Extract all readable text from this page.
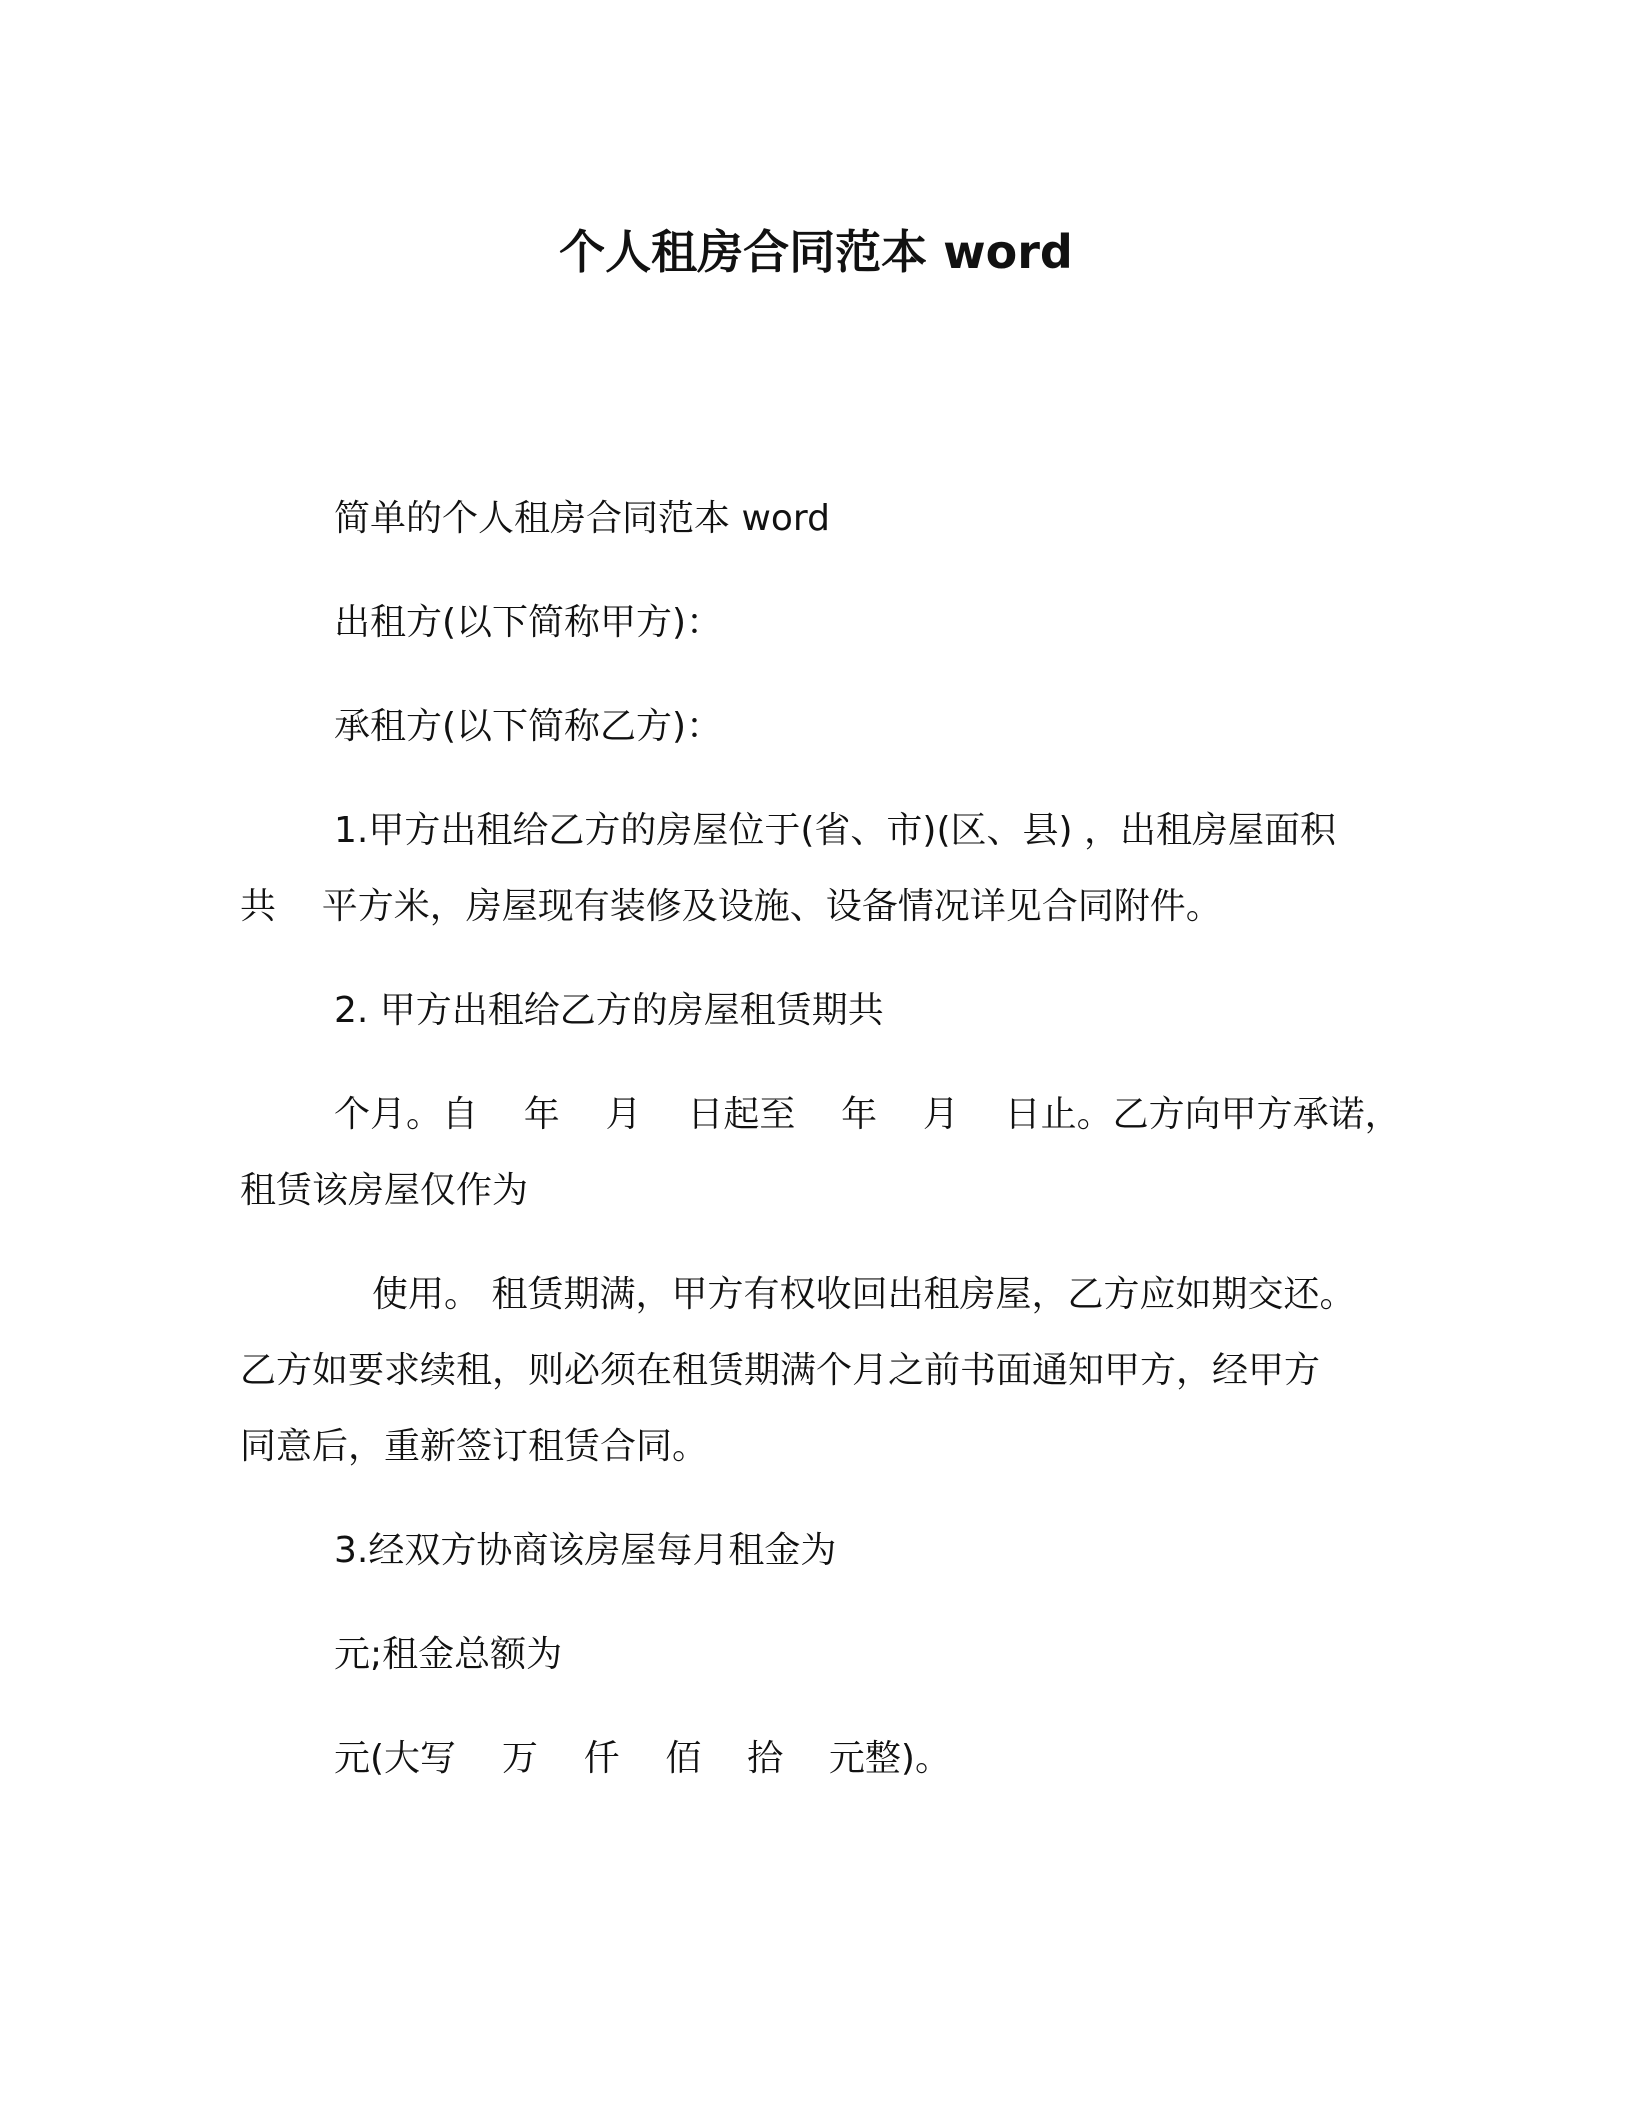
个人租房合同范本 word
简单的个人租房合同范本 word
出租方(以下简称甲方)：
承租方(以下简称乙方)：
1.甲方出租给乙方的房屋位于(省、市)(区、县) ，出租房屋面积
共    平方米，房屋现有装修及设施、设备情况详见合同附件。
2. 甲方出租给乙方的房屋租赁期共
个月。自    年    月    日起至    年    月    日止。乙方向甲方承诺，
租赁该房屋仅作为
使用。 租赁期满，甲方有权收回出租房屋，乙方应如期交还。
乙方如要求续租，则必须在租赁期满个月之前书面通知甲方，经甲方
同意后，重新签订租赁合同。
3.经双方协商该房屋每月租金为
元;租金总额为
元(大写    万    仟    佰    拾    元整)。
